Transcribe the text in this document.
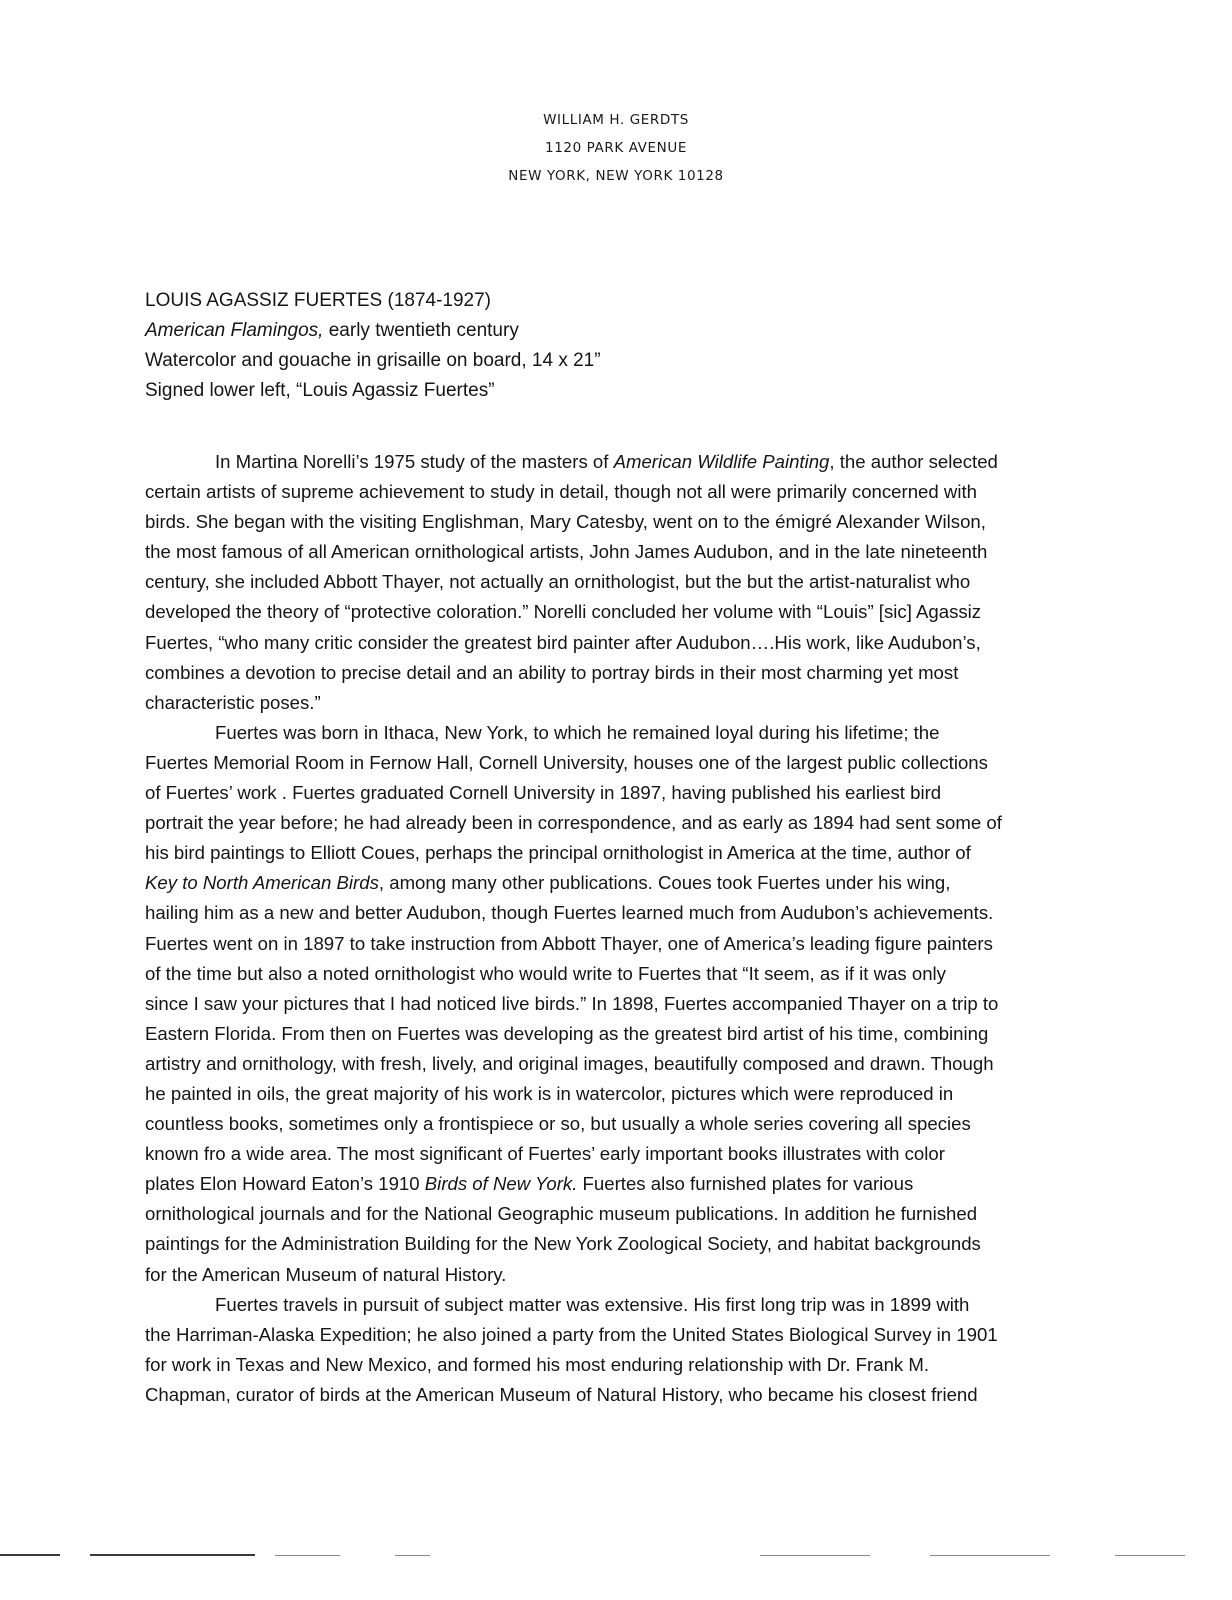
WILLIAM H. GERDTS
1120 PARK AVENUE
NEW YORK, NEW YORK 10128
LOUIS AGASSIZ FUERTES (1874-1927)
American Flamingos, early twentieth century
Watercolor and gouache in grisaille on board, 14 x 21”
Signed lower left, “Louis Agassiz Fuertes”
In Martina Norelli’s 1975 study of the masters of American Wildlife Painting, the author selected
certain artists of supreme achievement to study in detail, though not all were primarily concerned with
birds. She began with the visiting Englishman, Mary Catesby, went on to the émigré Alexander Wilson,
the most famous of all American ornithological artists, John James Audubon, and in the late nineteenth
century, she included Abbott Thayer, not actually an ornithologist, but the but the artist-naturalist who
developed the theory of “protective coloration.” Norelli concluded her volume with “Louis” [sic] Agassiz
Fuertes, “who many critic consider the greatest bird painter after Audubon….His work, like Audubon’s,
combines a devotion to precise detail and an ability to portray birds in their most charming yet most
characteristic poses.”
Fuertes was born in Ithaca, New York, to which he remained loyal during his lifetime; the
Fuertes Memorial Room in Fernow Hall, Cornell University, houses one of the largest public collections
of Fuertes’ work . Fuertes graduated Cornell University in 1897, having published his earliest bird
portrait the year before; he had already been in correspondence, and as early as 1894 had sent some of
his bird paintings to Elliott Coues, perhaps the principal ornithologist in America at the time, author of
Key to North American Birds, among many other publications. Coues took Fuertes under his wing,
hailing him as a new and better Audubon, though Fuertes learned much from Audubon’s achievements.
Fuertes went on in 1897 to take instruction from Abbott Thayer, one of America’s leading figure painters
of the time but also a noted ornithologist who would write to Fuertes that “It seem, as if it was only
since I saw your pictures that I had noticed live birds.” In 1898, Fuertes accompanied Thayer on a trip to
Eastern Florida. From then on Fuertes was developing as the greatest bird artist of his time, combining
artistry and ornithology, with fresh, lively, and original images, beautifully composed and drawn. Though
he painted in oils, the great majority of his work is in watercolor, pictures which were reproduced in
countless books, sometimes only a frontispiece or so, but usually a whole series covering all species
known fro a wide area. The most significant of Fuertes’ early important books illustrates with color
plates Elon Howard Eaton’s 1910 Birds of New York. Fuertes also furnished plates for various
ornithological journals and for the National Geographic museum publications. In addition he furnished
paintings for the Administration Building for the New York Zoological Society, and habitat backgrounds
for the American Museum of natural History.
Fuertes travels in pursuit of subject matter was extensive. His first long trip was in 1899 with
the Harriman-Alaska Expedition; he also joined a party from the United States Biological Survey in 1901
for work in Texas and New Mexico, and formed his most enduring relationship with Dr. Frank M.
Chapman, curator of birds at the American Museum of Natural History, who became his closest friend
